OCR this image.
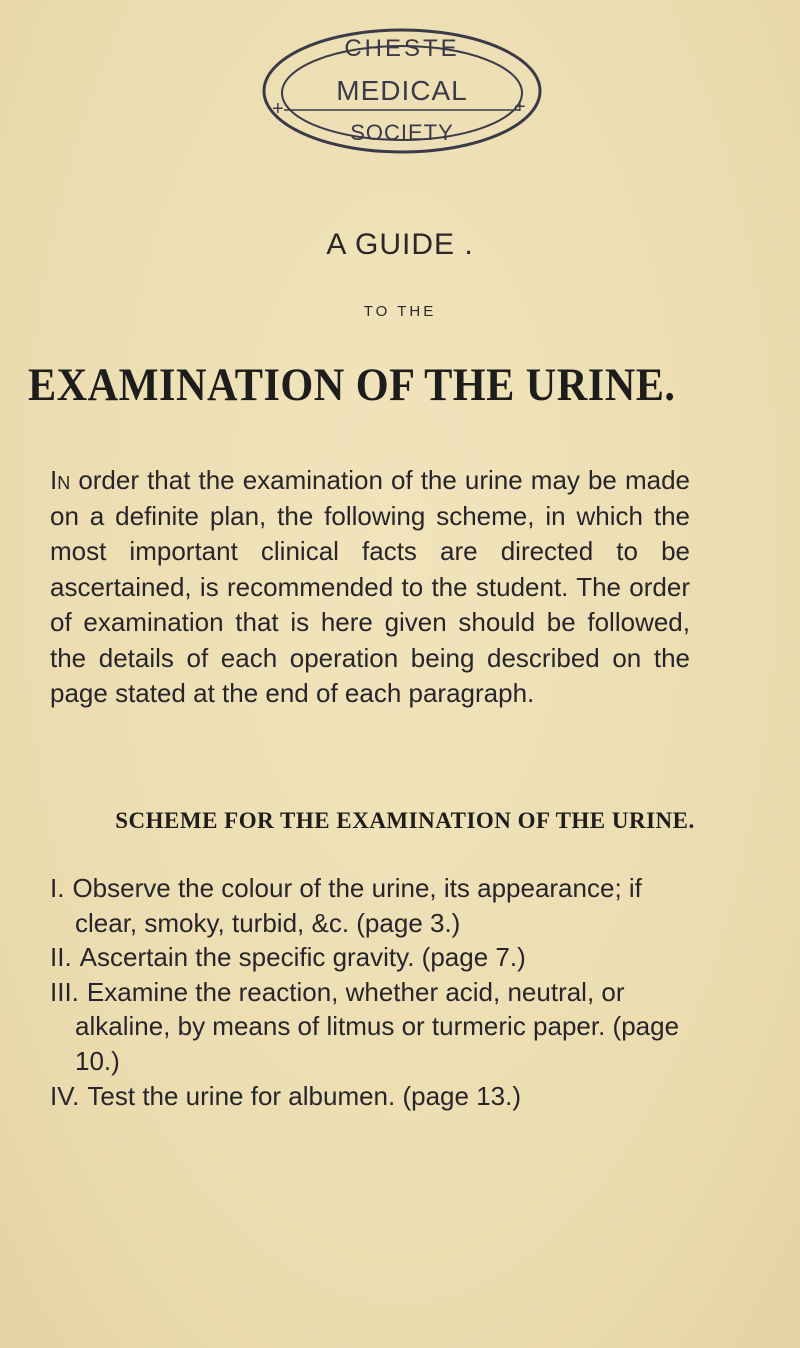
+	+
CHESTE
MEDICAL
SOCIETY
A GUIDE .
TO THE
EXAMINATION OF THE URINE.

In order that the examination of the urine may be made on a definite plan, the following scheme, in which the most important clinical facts are directed to be ascertained, is recommended to the student. The order of examination that is here given should be followed, the details of each operation being described on the page stated at the end of each paragraph.

SCHEME FOR THE EXAMINATION OF THE URINE.
I. Observe the colour of the urine, its appearance; if clear, smoky, turbid, &c. (page 3.)
II. Ascertain the specific gravity. (page 7.)
III. Examine the reaction, whether acid, neutral, or alkaline, by means of litmus or turmeric paper. (page 10.)
IV. Test the urine for albumen. (page 13.)
